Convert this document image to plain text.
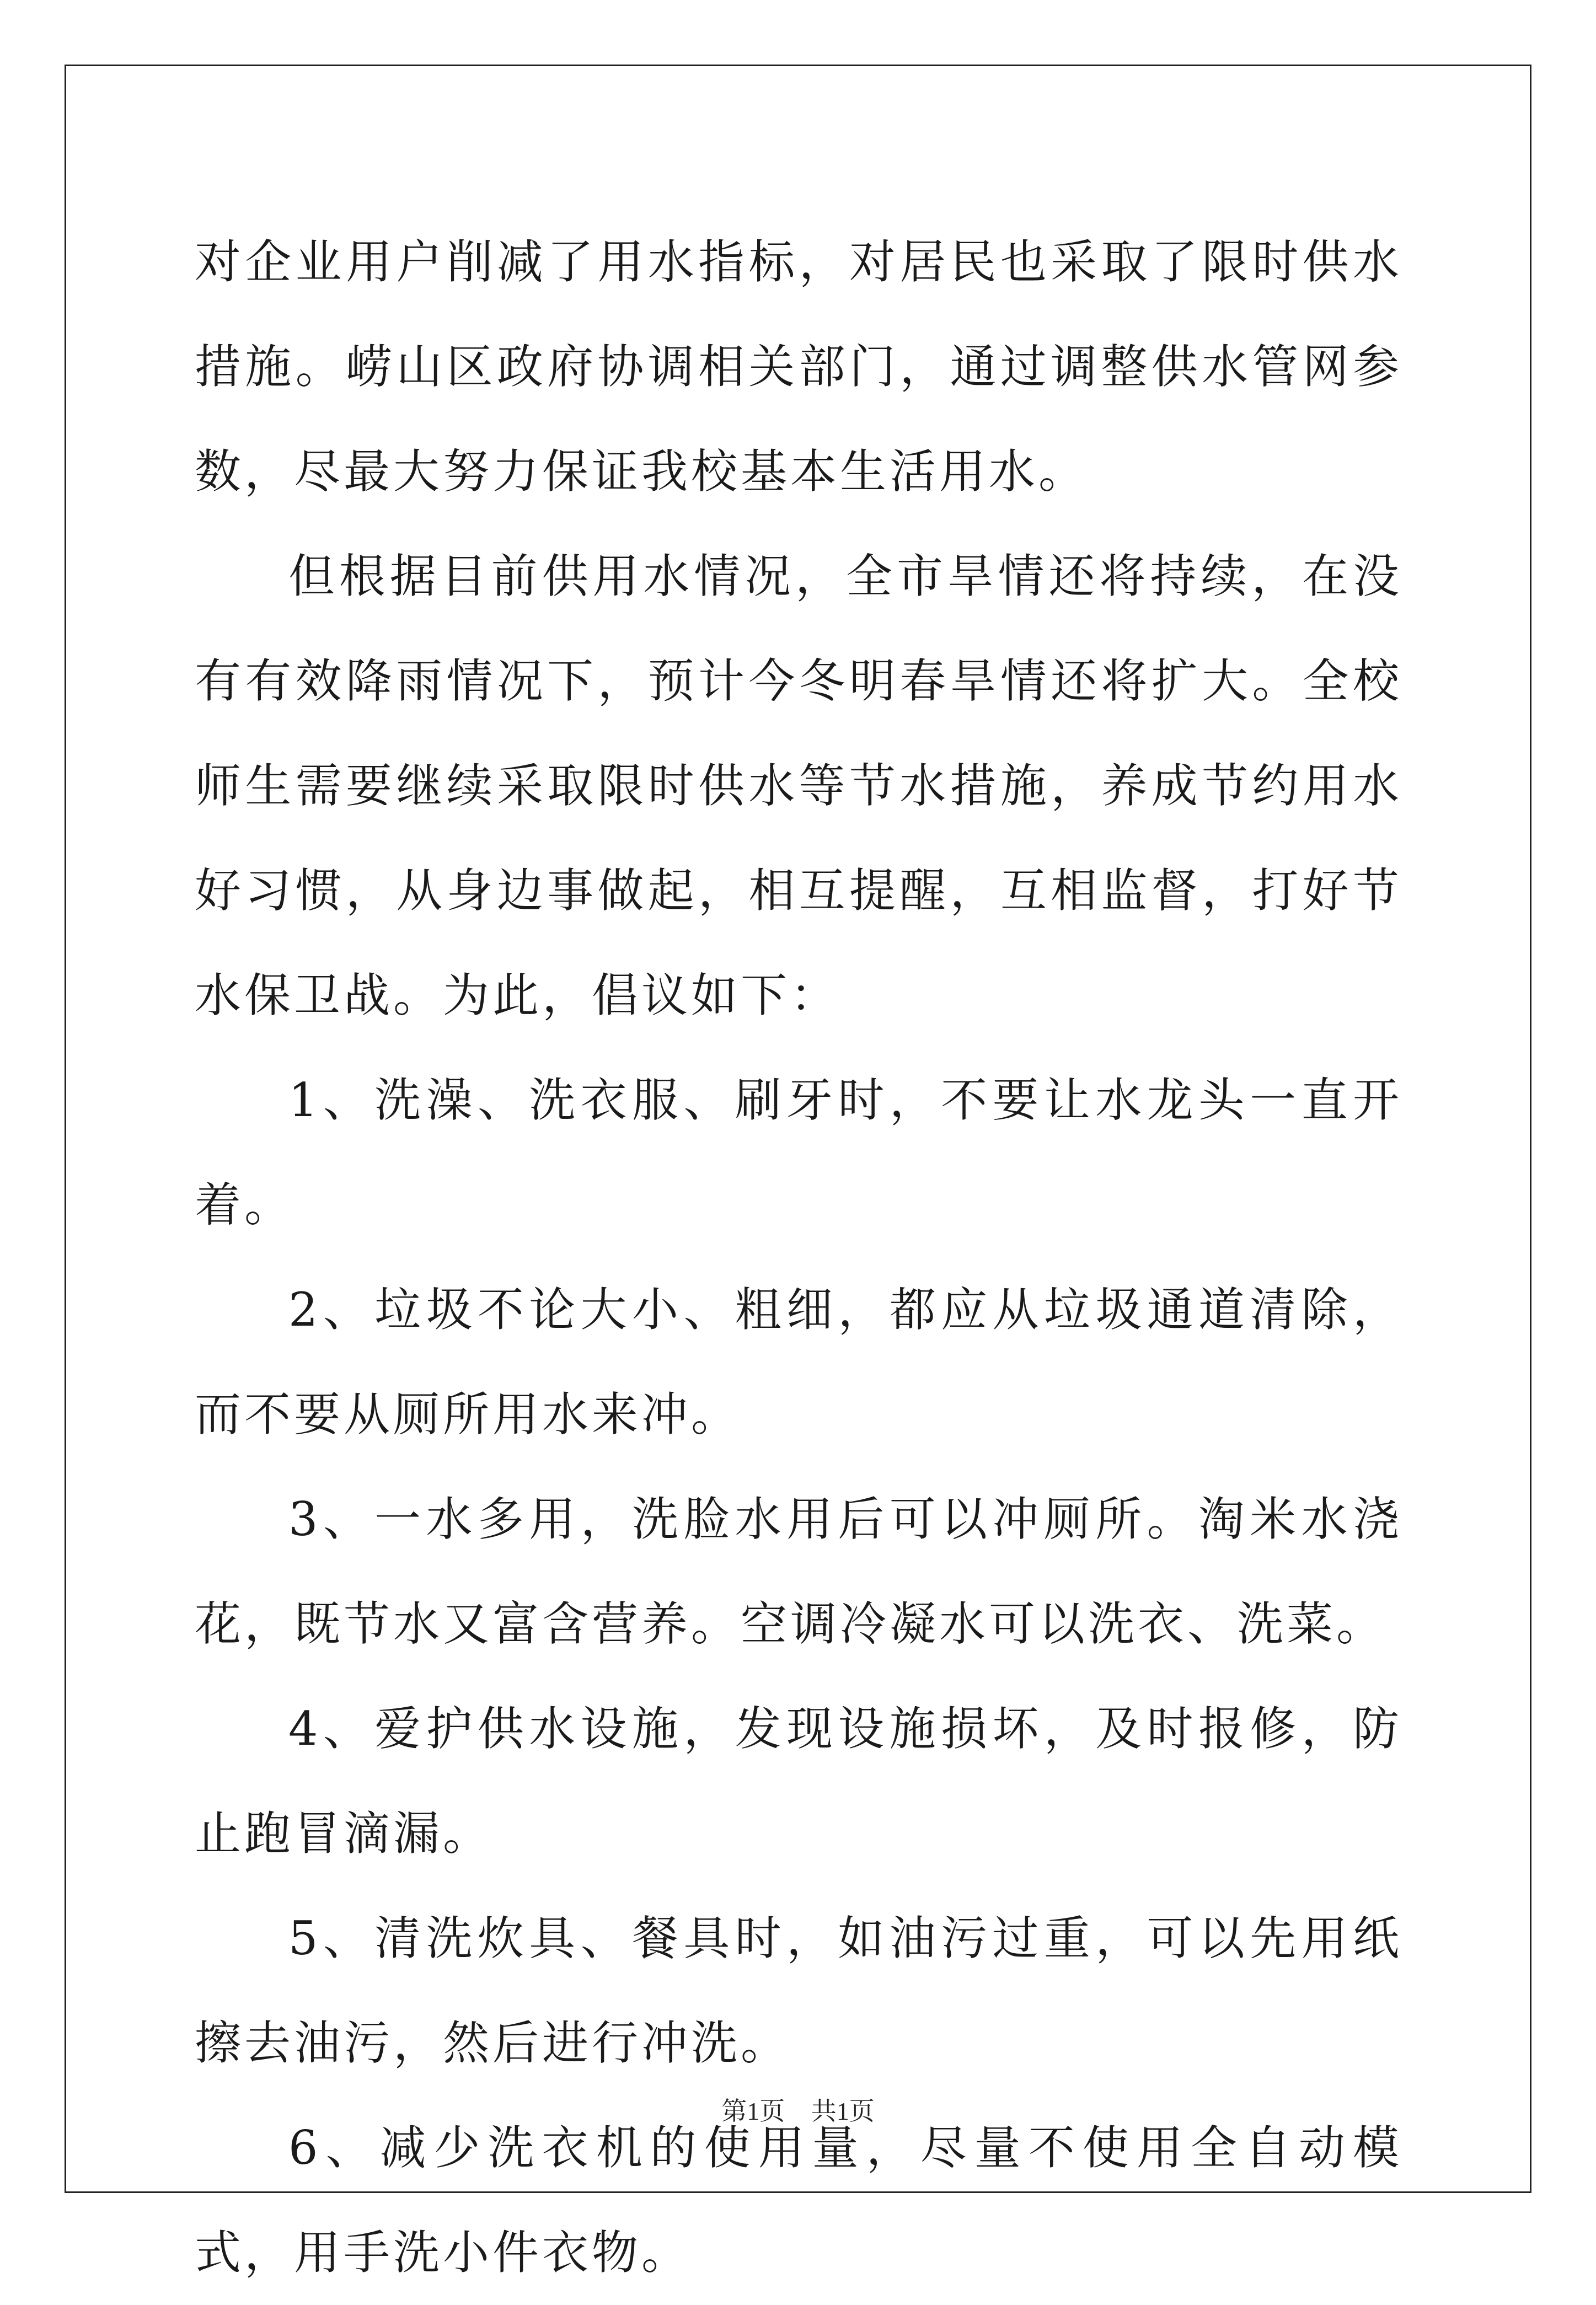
对企业用户削减了用水指标，对居民也采取了限时供水措施。崂山区政府协调相关部门，通过调整供水管网参数，尽最大努力保证我校基本生活用水。

但根据目前供用水情况，全市旱情还将持续，在没有有效降雨情况下，预计今冬明春旱情还将扩大。全校师生需要继续采取限时供水等节水措施，养成节约用水好习惯，从身边事做起，相互提醒，互相监督，打好节水保卫战。为此，倡议如下：

1、洗澡、洗衣服、刷牙时，不要让水龙头一直开着。

2、垃圾不论大小、粗细，都应从垃圾通道清除，而不要从厕所用水来冲。

3、一水多用，洗脸水用后可以冲厕所。淘米水浇花，既节水又富含营养。空调冷凝水可以洗衣、洗菜。

4、爱护供水设施，发现设施损坏，及时报修，防止跑冒滴漏。

5、清洗炊具、餐具时，如油污过重，可以先用纸擦去油污，然后进行冲洗。

6、减少洗衣机的使用量，尽量不使用全自动模式，用手洗小件衣物。

第1页 共1页
